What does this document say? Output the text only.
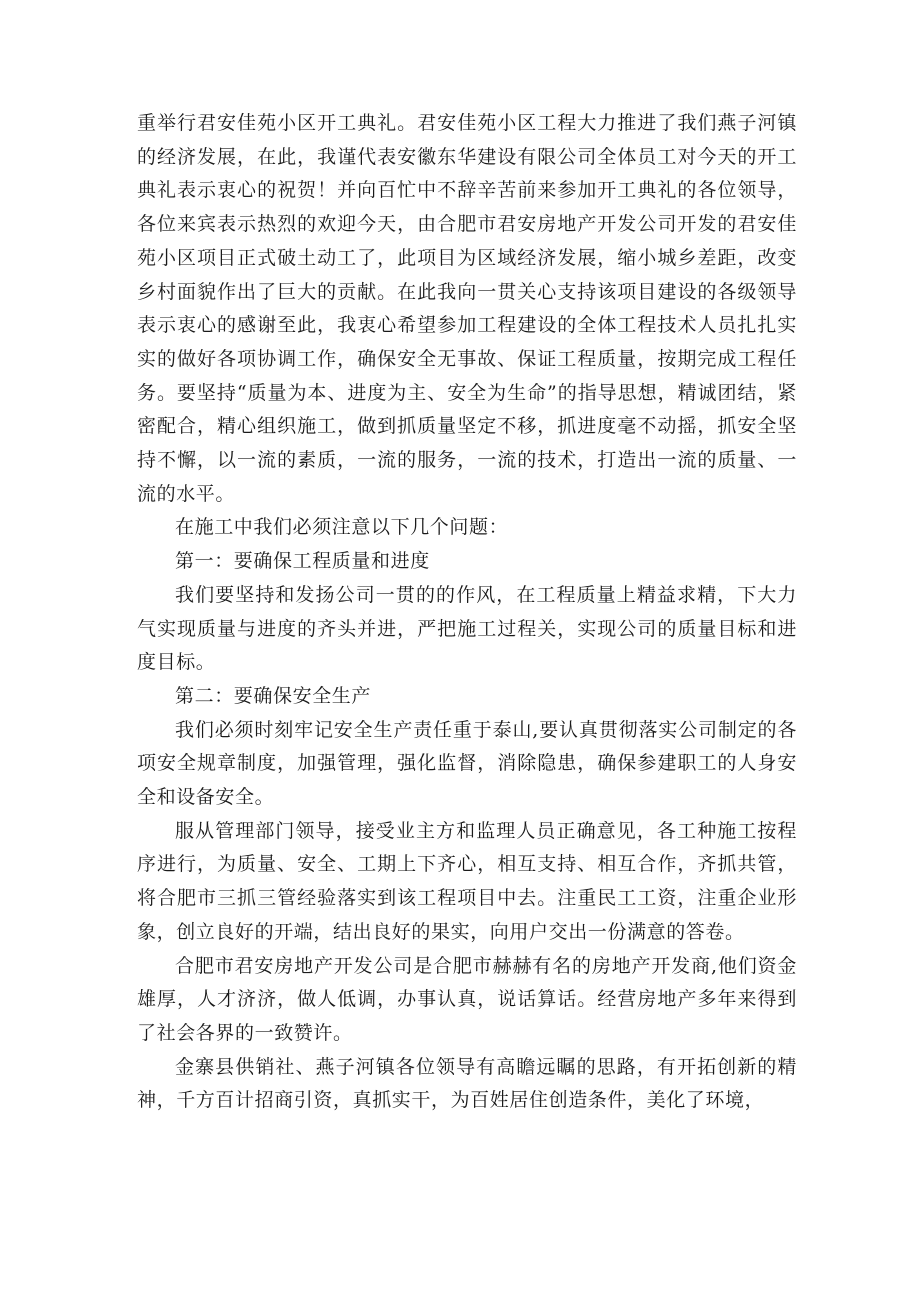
重举行君安佳苑小区开工典礼。君安佳苑小区工程大力推进了我们燕子河镇的经济发展，在此，我谨代表安徽东华建设有限公司全体员工对今天的开工典礼表示衷心的祝贺！并向百忙中不辞辛苦前来参加开工典礼的各位领导，各位来宾表示热烈的欢迎今天，由合肥市君安房地产开发公司开发的君安佳苑小区项目正式破土动工了，此项目为区域经济发展，缩小城乡差距，改变乡村面貌作出了巨大的贡献。在此我向一贯关心支持该项目建设的各级领导表示衷心的感谢至此，我衷心希望参加工程建设的全体工程技术人员扎扎实实的做好各项协调工作，确保安全无事故、保证工程质量，按期完成工程任务。要坚持“质量为本、进度为主、安全为生命”的指导思想，精诚团结，紧密配合，精心组织施工，做到抓质量坚定不移，抓进度毫不动摇，抓安全坚持不懈，以一流的素质，一流的服务，一流的技术，打造出一流的质量、一流的水平。

在施工中我们必须注意以下几个问题：

第一：要确保工程质量和进度

我们要坚持和发扬公司一贯的的作风，在工程质量上精益求精，下大力气实现质量与进度的齐头并进，严把施工过程关，实现公司的质量目标和进度目标。

第二：要确保安全生产

我们必须时刻牢记安全生产责任重于泰山,要认真贯彻落实公司制定的各项安全规章制度，加强管理，强化监督，消除隐患，确保参建职工的人身安全和设备安全。

服从管理部门领导，接受业主方和监理人员正确意见，各工种施工按程序进行，为质量、安全、工期上下齐心，相互支持、相互合作，齐抓共管，将合肥市三抓三管经验落实到该工程项目中去。注重民工工资，注重企业形象，创立良好的开端，结出良好的果实，向用户交出一份满意的答卷。

合肥市君安房地产开发公司是合肥市赫赫有名的房地产开发商,他们资金雄厚，人才济济，做人低调，办事认真，说话算话。经营房地产多年来得到了社会各界的一致赞许。

金寨县供销社、燕子河镇各位领导有高瞻远瞩的思路，有开拓创新的精神，千方百计招商引资，真抓实干，为百姓居住创造条件，美化了环境，
